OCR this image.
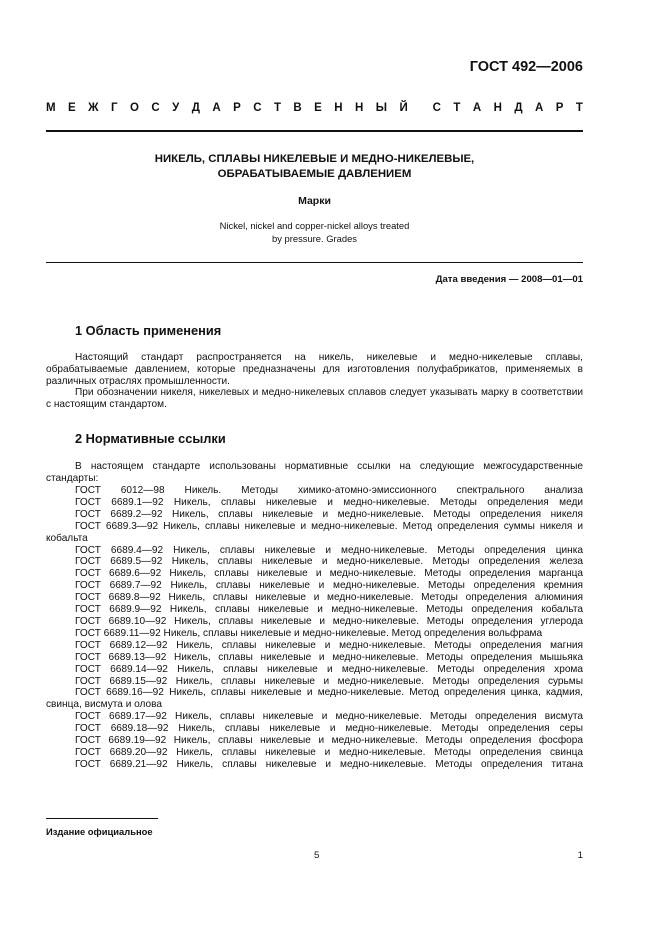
ГОСТ 492—2006
М Е Ж Г О С У Д А Р С Т В Е Н Н Ы Й С Т А Н Д А Р Т
НИКЕЛЬ, СПЛАВЫ НИКЕЛЕВЫЕ И МЕДНО-НИКЕЛЕВЫЕ,
ОБРАБАТЫВАЕМЫЕ ДАВЛЕНИЕМ
Марки
Nickel, nickel and copper-nickel alloys treated
by pressure. Grades
Дата введения — 2008—01—01
1 Область применения

Настоящий стандарт распространяется на никель, никелевые и медно-никелевые сплавы, обрабатываемые давлением, которые предназначены для изготовления полуфабрикатов, применяемых в различных отраслях промышленности.

При обозначении никеля, никелевых и медно-никелевых сплавов следует указывать марку в соответствии с настоящим стандартом.

2 Нормативные ссылки

В настоящем стандарте использованы нормативные ссылки на следующие межгосударственные стандарты:

ГОСТ 6012—98 Никель. Методы химико-атомно-эмиссионного спектрального анализа

ГОСТ 6689.1—92 Никель, сплавы никелевые и медно-никелевые. Методы определения меди

ГОСТ 6689.2—92 Никель, сплавы никелевые и медно-никелевые. Методы определения никеля

ГОСТ 6689.3—92 Никель, сплавы никелевые и медно-никелевые. Метод определения суммы никеля и кобальта

ГОСТ 6689.4—92 Никель, сплавы никелевые и медно-никелевые. Методы определения цинка

ГОСТ 6689.5—92 Никель, сплавы никелевые и медно-никелевые. Методы определения железа

ГОСТ 6689.6—92 Никель, сплавы никелевые и медно-никелевые. Методы определения марганца

ГОСТ 6689.7—92 Никель, сплавы никелевые и медно-никелевые. Методы определения кремния

ГОСТ 6689.8—92 Никель, сплавы никелевые и медно-никелевые. Методы определения алюминия

ГОСТ 6689.9—92 Никель, сплавы никелевые и медно-никелевые. Методы определения кобальта

ГОСТ 6689.10—92 Никель, сплавы никелевые и медно-никелевые. Методы определения углерода

ГОСТ 6689.11—92 Никель, сплавы никелевые и медно-никелевые. Метод определения вольфрама

ГОСТ 6689.12—92 Никель, сплавы никелевые и медно-никелевые. Методы определения магния

ГОСТ 6689.13—92 Никель, сплавы никелевые и медно-никелевые. Методы определения мышьяка

ГОСТ 6689.14—92 Никель, сплавы никелевые и медно-никелевые. Методы определения хрома

ГОСТ 6689.15—92 Никель, сплавы никелевые и медно-никелевые. Методы определения сурьмы

ГОСТ 6689.16—92 Никель, сплавы никелевые и медно-никелевые. Метод определения цинка, кадмия, свинца, висмута и олова

ГОСТ 6689.17—92 Никель, сплавы никелевые и медно-никелевые. Методы определения висмута

ГОСТ 6689.18—92 Никель, сплавы никелевые и медно-никелевые. Методы определения серы

ГОСТ 6689.19—92 Никель, сплавы никелевые и медно-никелевые. Методы определения фосфора

ГОСТ 6689.20—92 Никель, сплавы никелевые и медно-никелевые. Методы определения свинца

ГОСТ 6689.21—92 Никель, сплавы никелевые и медно-никелевые. Методы определения титана

Издание официальное
5	1
